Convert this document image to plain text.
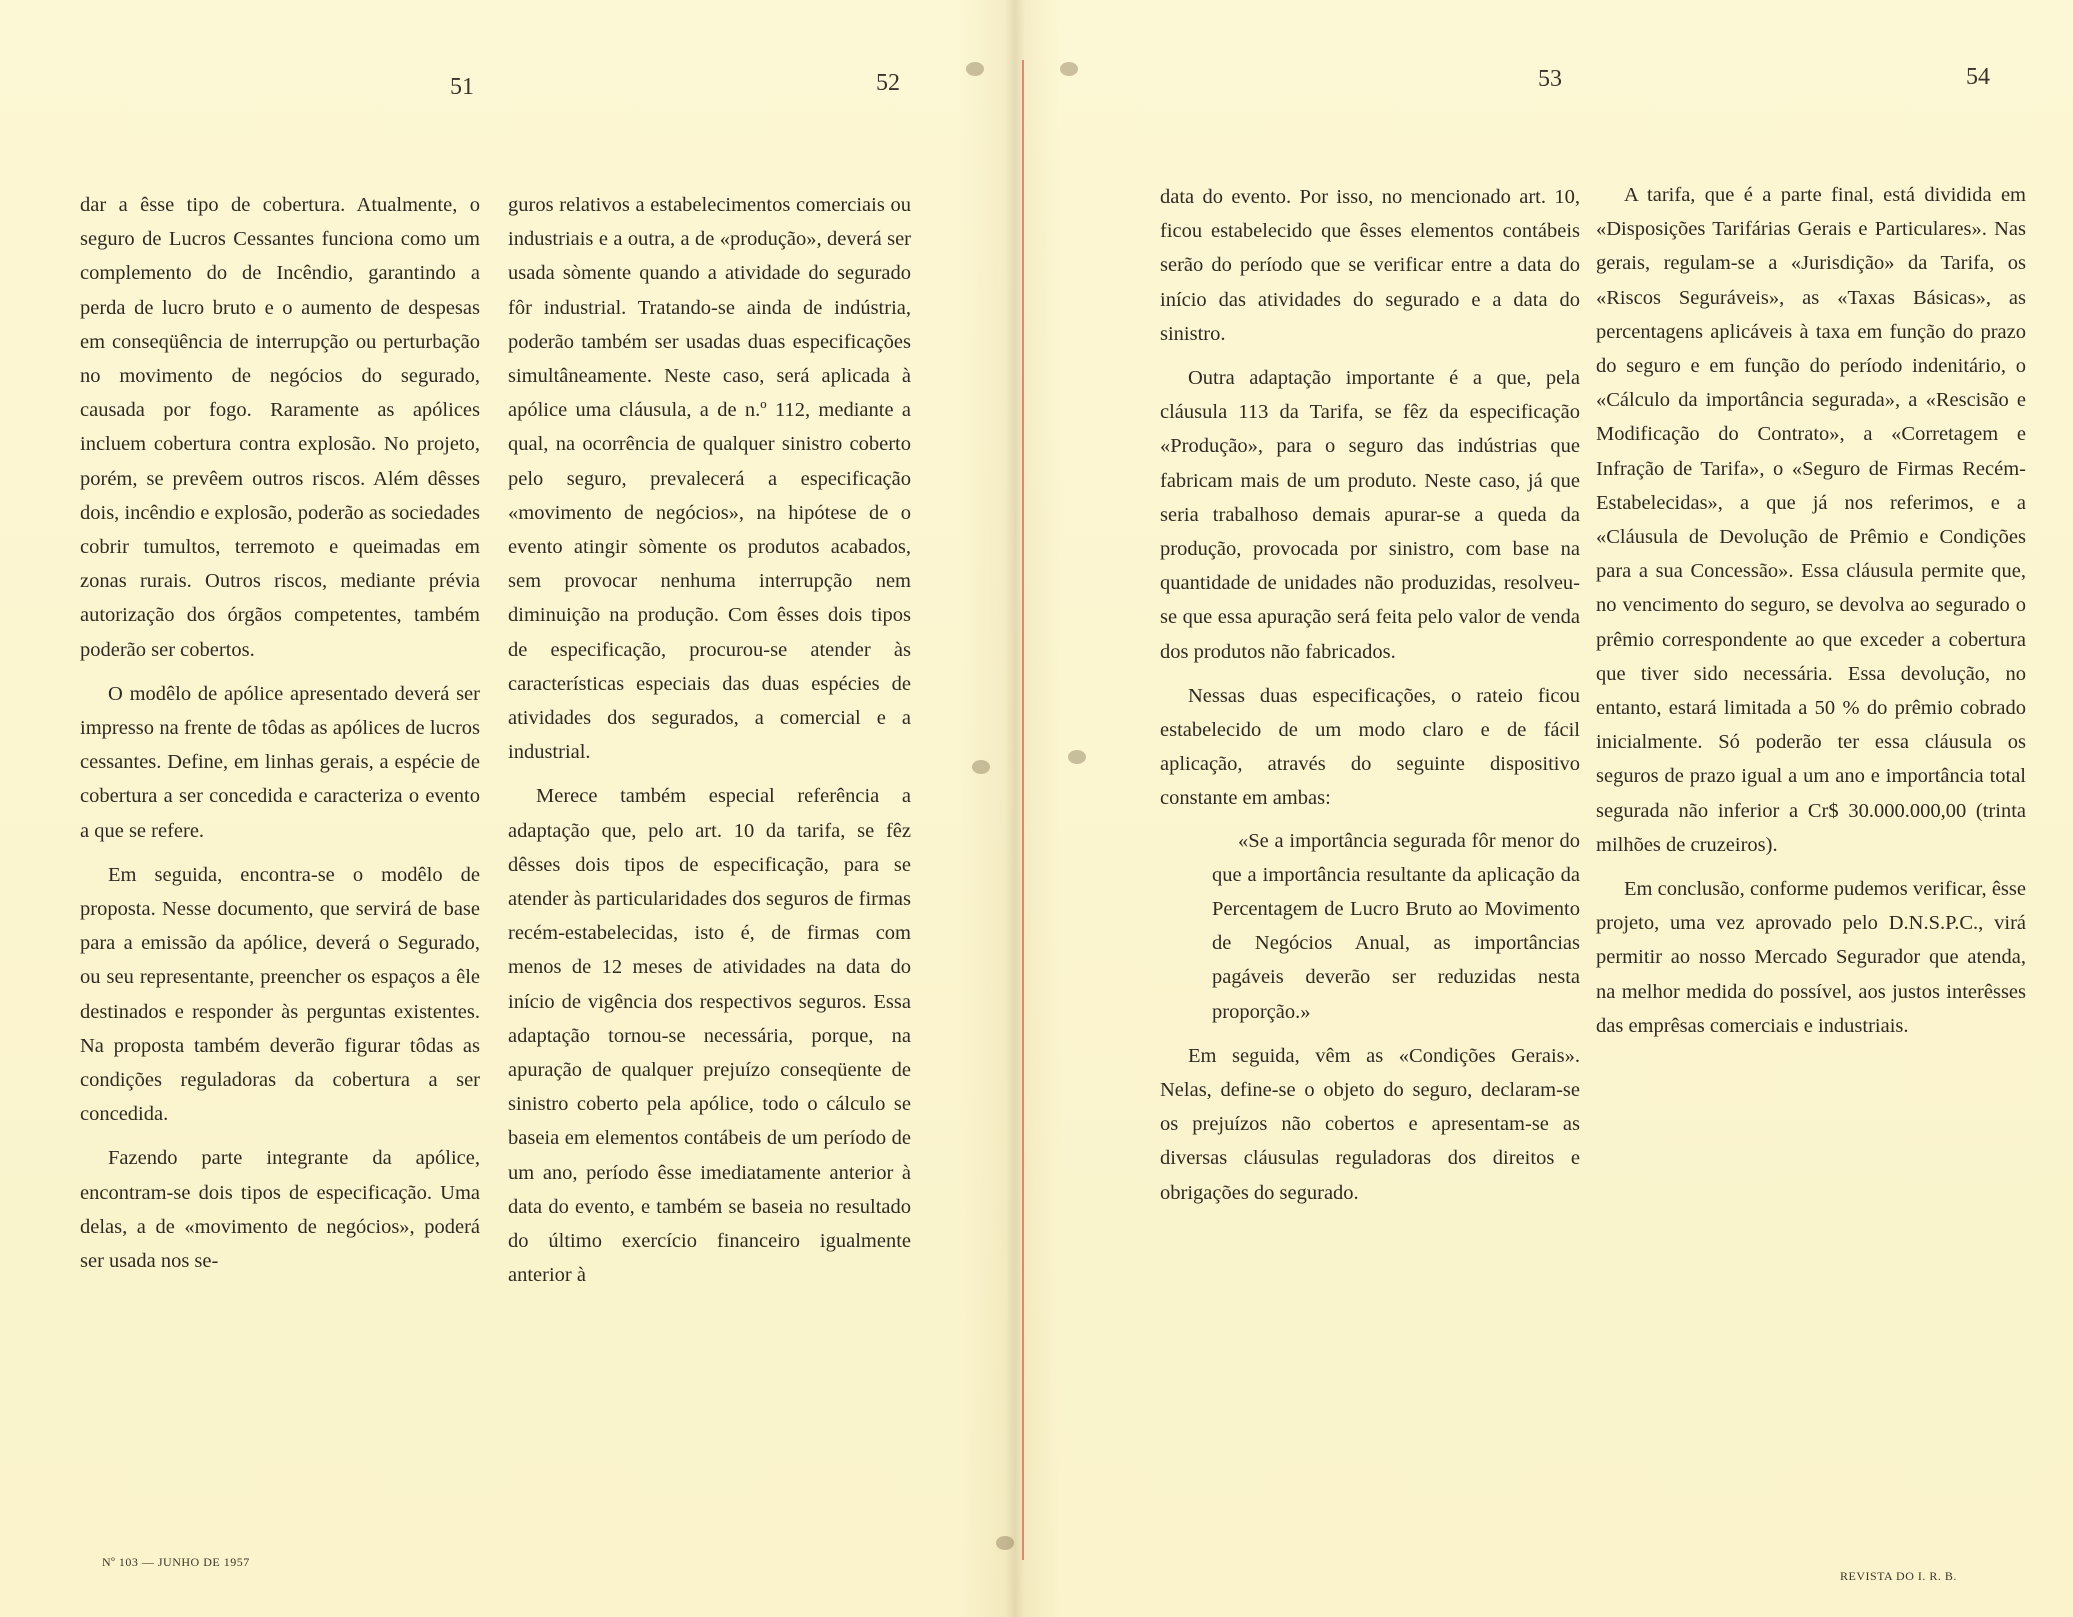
51	52	53	54

dar a êsse tipo de cobertura. Atualmente, o seguro de Lucros Cessantes funciona como um complemento do de Incêndio, garantindo a perda de lucro bruto e o aumento de despesas em conseqüência de interrupção ou perturbação no movimento de negócios do segurado, causada por fogo. Raramente as apólices incluem cobertura contra explosão. No projeto, porém, se prevêem outros riscos. Além dêsses dois, incêndio e explosão, poderão as sociedades cobrir tumultos, terremoto e queimadas em zonas rurais. Outros riscos, mediante prévia autorização dos órgãos competentes, também poderão ser cobertos.

O modêlo de apólice apresentado deverá ser impresso na frente de tôdas as apólices de lucros cessantes. Define, em linhas gerais, a espécie de cobertura a ser concedida e caracteriza o evento a que se refere.

Em seguida, encontra-se o modêlo de proposta. Nesse documento, que servirá de base para a emissão da apólice, deverá o Segurado, ou seu representante, preencher os espaços a êle destinados e responder às perguntas existentes. Na proposta também deverão figurar tôdas as condições reguladoras da cobertura a ser concedida.

Fazendo parte integrante da apólice, encontram-se dois tipos de especificação. Uma delas, a de «movimento de negócios», poderá ser usada nos se-

guros relativos a estabelecimentos comerciais ou industriais e a outra, a de «produção», deverá ser usada sòmente quando a atividade do segurado fôr industrial. Tratando-se ainda de indústria, poderão também ser usadas duas especificações simultâneamente. Neste caso, será aplicada à apólice uma cláusula, a de n.º 112, mediante a qual, na ocorrência de qualquer sinistro coberto pelo seguro, prevalecerá a especificação «movimento de negócios», na hipótese de o evento atingir sòmente os produtos acabados, sem provocar nenhuma interrupção nem diminuição na produção. Com êsses dois tipos de especificação, procurou-se atender às características especiais das duas espécies de atividades dos segurados, a comercial e a industrial.

Merece também especial referência a adaptação que, pelo art. 10 da tarifa, se fêz dêsses dois tipos de especificação, para se atender às particularidades dos seguros de firmas recém-estabelecidas, isto é, de firmas com menos de 12 meses de atividades na data do início de vigência dos respectivos seguros. Essa adaptação tornou-se necessária, porque, na apuração de qualquer prejuízo conseqüente de sinistro coberto pela apólice, todo o cálculo se baseia em elementos contábeis de um período de um ano, período êsse imediatamente anterior à data do evento, e também se baseia no resultado do último exercício financeiro igualmente anterior à

data do evento. Por isso, no mencionado art. 10, ficou estabelecido que êsses elementos contábeis serão do período que se verificar entre a data do início das atividades do segurado e a data do sinistro.

Outra adaptação importante é a que, pela cláusula 113 da Tarifa, se fêz da especificação «Produção», para o seguro das indústrias que fabricam mais de um produto. Neste caso, já que seria trabalhoso demais apurar-se a queda da produção, provocada por sinistro, com base na quantidade de unidades não produzidas, resolveu-se que essa apuração será feita pelo valor de venda dos produtos não fabricados.

Nessas duas especificações, o rateio ficou estabelecido de um modo claro e de fácil aplicação, através do seguinte dispositivo constante em ambas:

«Se a importância segurada fôr menor do que a importância resultante da aplicação da Percentagem de Lucro Bruto ao Movimento de Negócios Anual, as importâncias pagáveis deverão ser reduzidas nesta proporção.»

Em seguida, vêm as «Condições Gerais». Nelas, define-se o objeto do seguro, declaram-se os prejuízos não cobertos e apresentam-se as diversas cláusulas reguladoras dos direitos e obrigações do segurado.

A tarifa, que é a parte final, está dividida em «Disposições Tarifárias Gerais e Particulares». Nas gerais, regulam-se a «Jurisdição» da Tarifa, os «Riscos Seguráveis», as «Taxas Básicas», as percentagens aplicáveis à taxa em função do prazo do seguro e em função do período indenitário, o «Cálculo da importância segurada», a «Rescisão e Modificação do Contrato», a «Corretagem e Infração de Tarifa», o «Seguro de Firmas Recém-Estabelecidas», a que já nos referimos, e a «Cláusula de Devolução de Prêmio e Condições para a sua Concessão». Essa cláusula permite que, no vencimento do seguro, se devolva ao segurado o prêmio correspondente ao que exceder a cobertura que tiver sido necessária. Essa devolução, no entanto, estará limitada a 50 % do prêmio cobrado inicialmente. Só poderão ter essa cláusula os seguros de prazo igual a um ano e importância total segurada não inferior a Cr$ 30.000.000,00 (trinta milhões de cruzeiros).

Em conclusão, conforme pudemos verificar, êsse projeto, uma vez aprovado pelo D.N.S.P.C., virá permitir ao nosso Mercado Segurador que atenda, na melhor medida do possível, aos justos interêsses das emprêsas comerciais e industriais.

Nº 103 — JUNHO DE 1957
REVISTA DO I. R. B.
